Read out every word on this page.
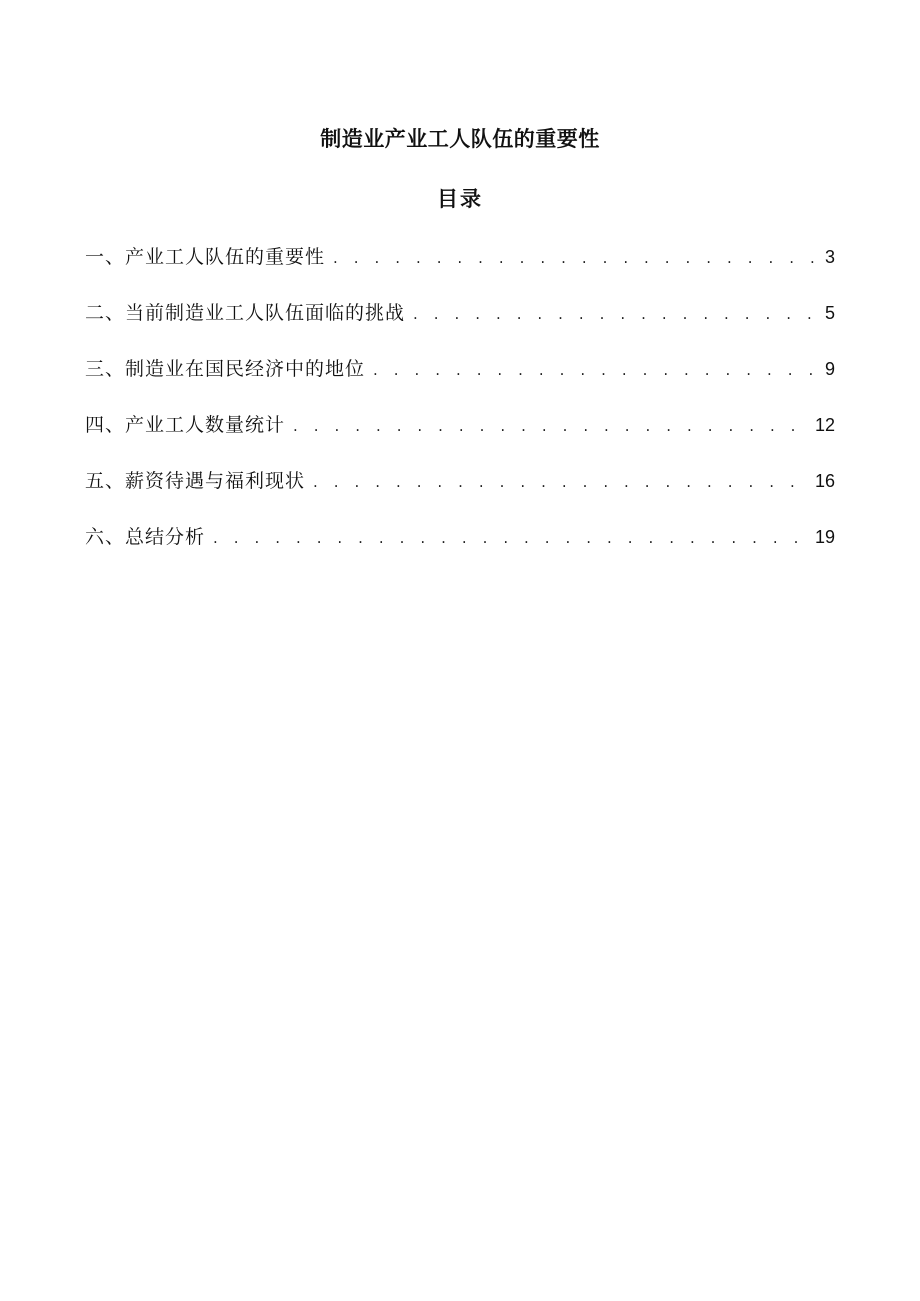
制造业产业工人队伍的重要性
目录
一、产业工人队伍的重要性 . . .	3
二、当前制造业工人队伍面临的挑战 . . .	5
三、制造业在国民经济中的地位 . . .	9
四、产业工人数量统计 . . .	12
五、薪资待遇与福利现状 . . .	16
六、总结分析 . . .	19
